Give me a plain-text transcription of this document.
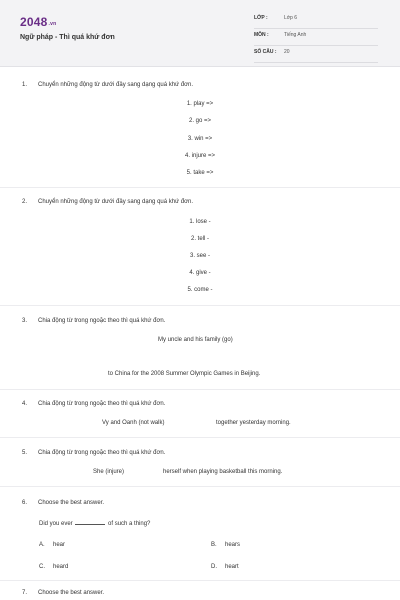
2048.vn
Ngữ pháp - Thì quá khứ đơn
LỚP :	Lớp 6
MÔN :	Tiếng Anh
SỐ CÂU : 20
1. Chuyển những động từ dưới đây sang dạng quá khứ đơn.
1. play =>
2. go =>
3. win =>
4. injure =>
5. take =>
2. Chuyển những động từ dưới đây sang dạng quá khứ đơn.
1. lose -
2. tell -
3. see -
4. give -
5. come -
3. Chia động từ trong ngoặc theo thì quá khứ đơn.
My uncle and his family (go)
to China for the 2008 Summer Olympic Games in Beijing.
4. Chia động từ trong ngoặc theo thì quá khứ đơn.
Vy and Oanh (not walk)	together yesterday morning.
5. Chia động từ trong ngoặc theo thì quá khứ đơn.
She (injure)	herself when playing basketball this morning.
6. Choose the best answer.
Did you ever	of such a thing?
A. hear	B. hears
C. heard	D. heart
7. Choose the best answer.
